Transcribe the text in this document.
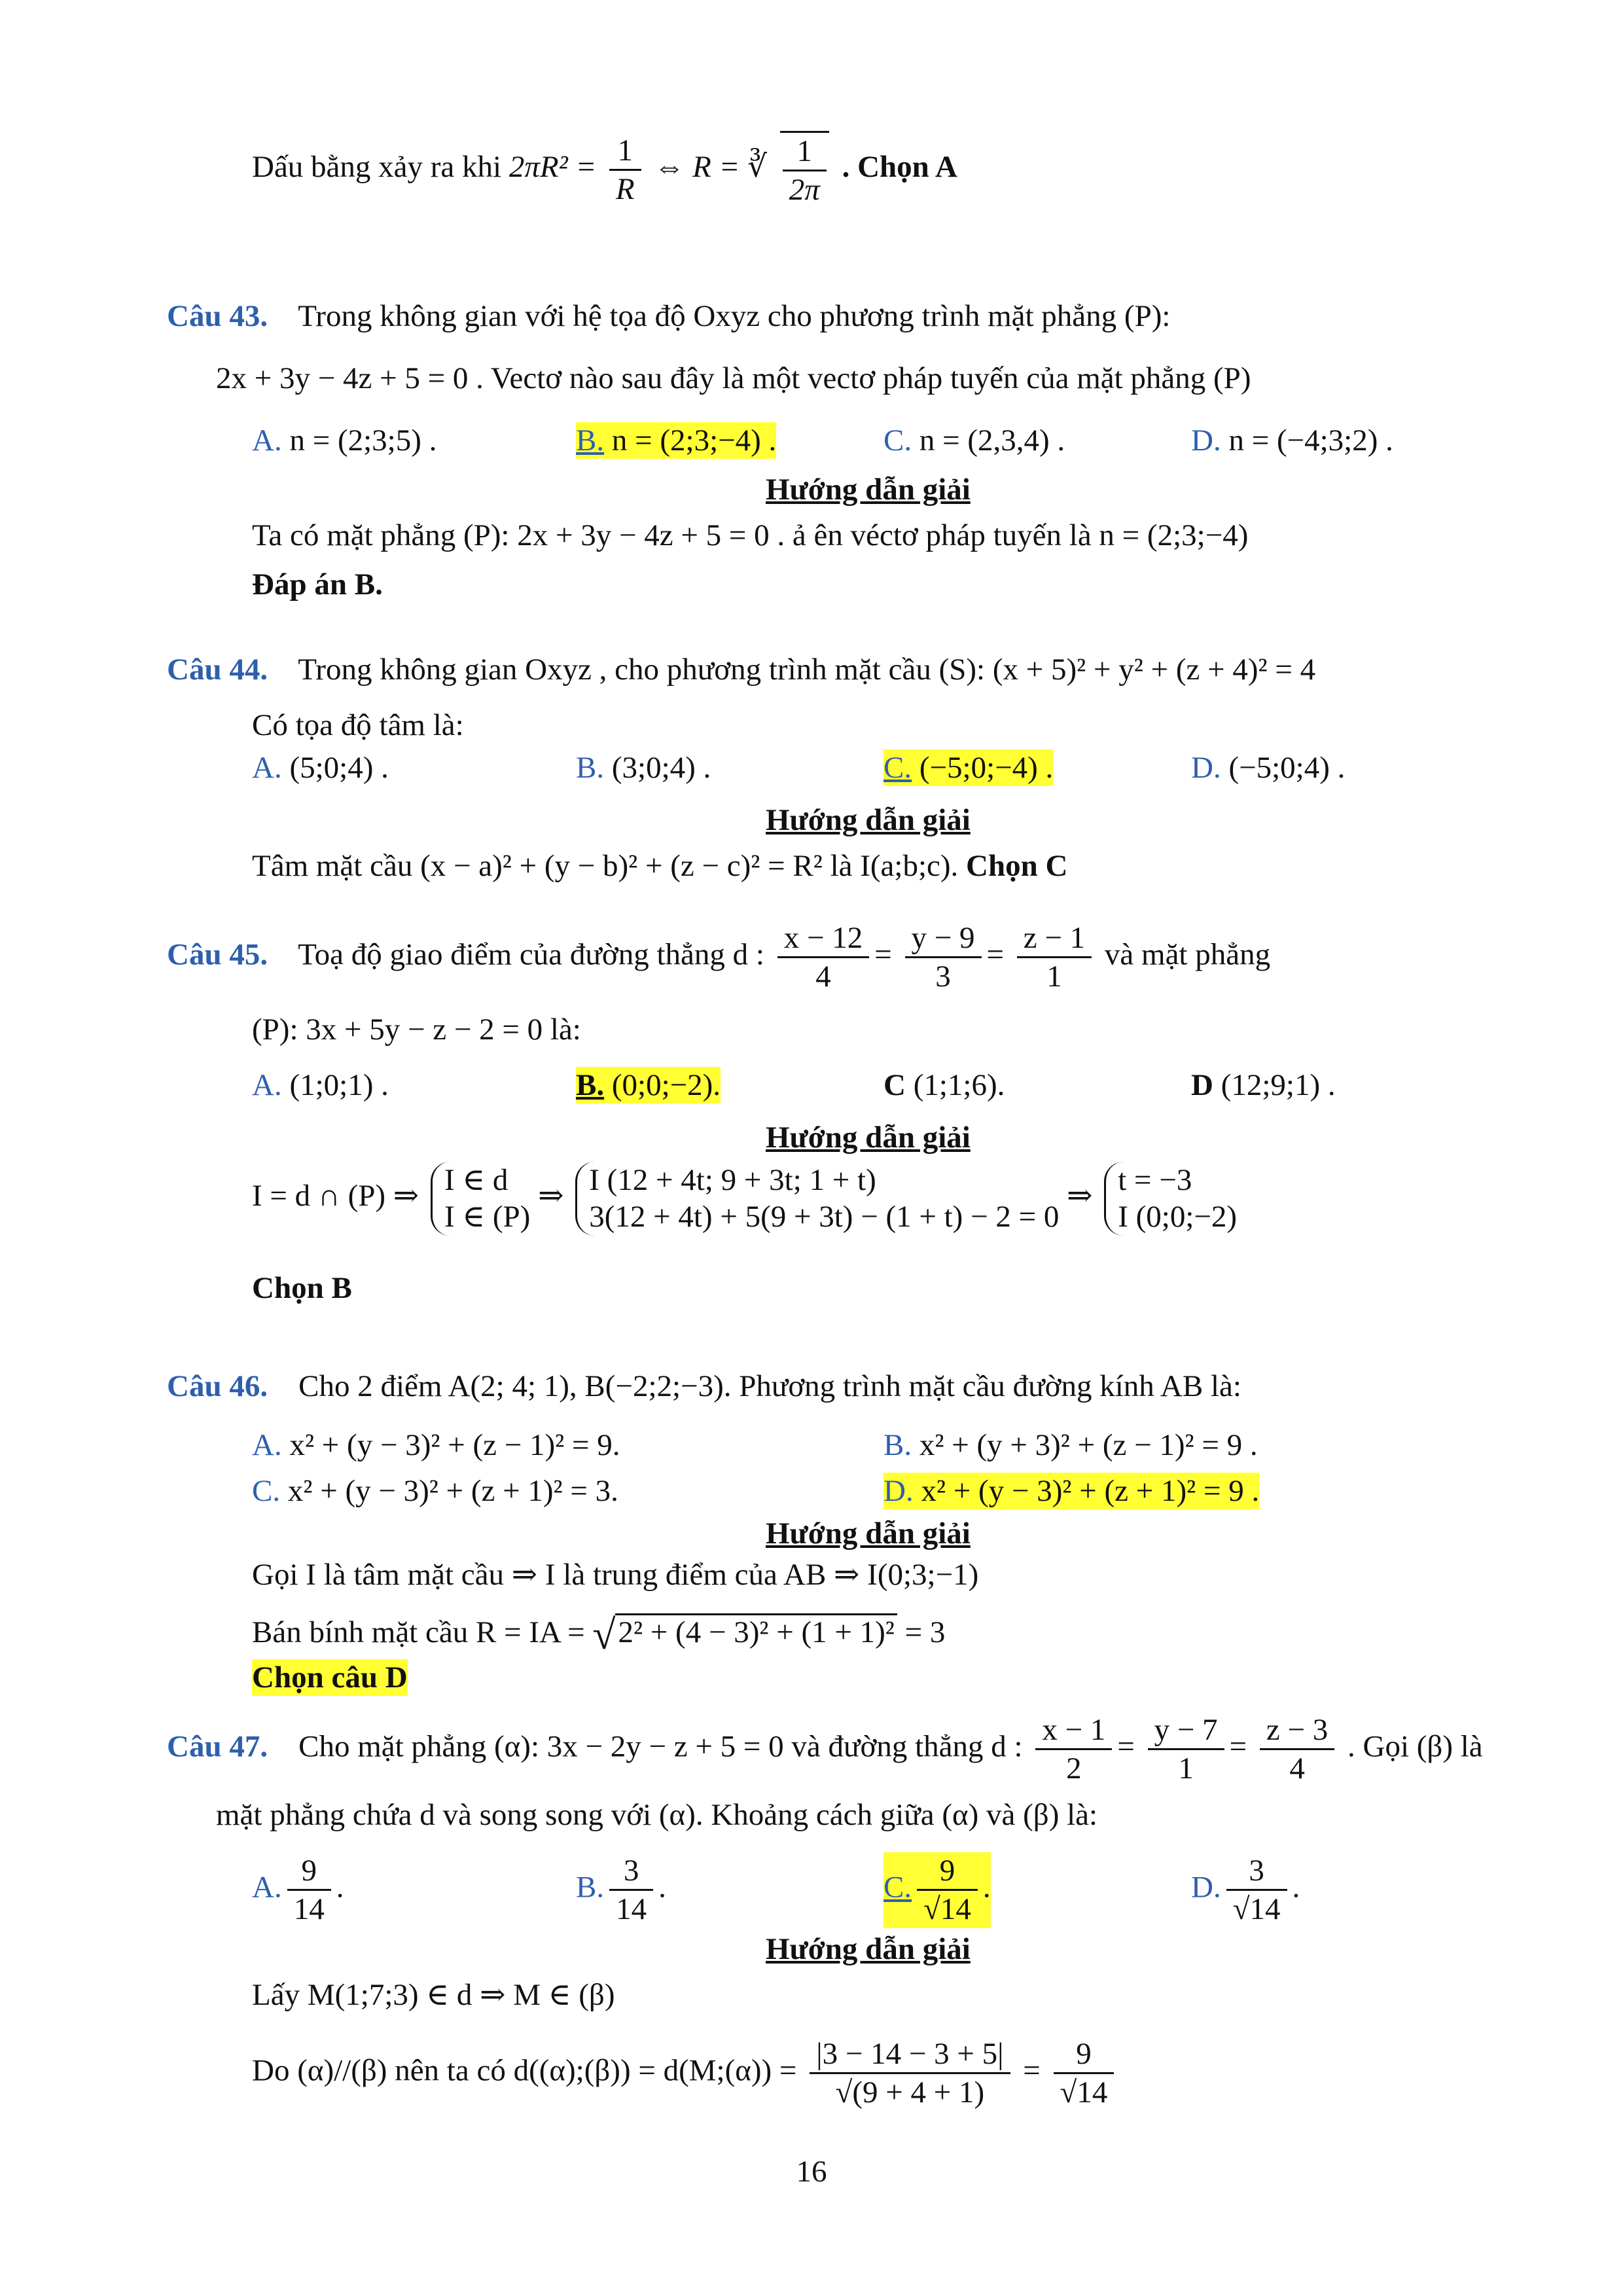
Dấu bằng xảy ra khi $2\pi R^2 = \frac{1}{R}$ ⇔ R = ∛ $\frac{1}{2\pi}$ . Chọn A
Câu 43. Trong không gian với hệ tọa độ Oxyz cho phương trình mặt phẳng (P):
2x + 3y − 4z + 5 = 0 . Vectơ nào sau đây là một vectơ pháp tuyến của mặt phẳng (P)
A. n = (2;3;5) .	B. n = (2;3;−4) .	C. n = (2,3,4) .	D. n = (−4;3;2) .
Hướng dẫn giải
Ta có mặt phẳng (P): 2x + 3y − 4z + 5 = 0 . ả ên véctơ pháp tuyến là n = (2;3;−4)
Đáp án B.
Câu 44. Trong không gian Oxyz , cho phương trình mặt cầu (S): (x + 5)² + y² + (z + 4)² = 4
Có tọa độ tâm là:
A. (5;0;4) .	B. (3;0;4) .	C. (−5;0;−4) .	D. (−5;0;4) .
Hướng dẫn giải
Tâm mặt cầu (x − a)² + (y − b)² + (z − c)² = R² là I(a;b;c). Chọn C
Câu 45. Toạ độ giao điểm của đường thẳng d : $\frac{x - 12}{4} = \frac{y - 9}{3} = \frac{z - 1}{1}$ và mặt phẳng
(P): 3x + 5y − z − 2 = 0 là:
A. (1;0;1) .	B. (0;0;−2).	C (1;1;6).	D (12;9;1) .
Hướng dẫn giải
I = d ∩ (P) ⇒ I ∈ d
I ∈ (P)
⇒ I (12 + 4t; 9 + 3t; 1 + t)
3(12 + 4t) + 5(9 + 3t) − (1 + t) − 2 = 0
⇒ t = −3
I (0;0;−2)
Chọn B
Câu 46. Cho 2 điểm A(2; 4; 1), B(−2;2;−3). Phương trình mặt cầu đường kính AB là:
A. x² + (y − 3)² + (z − 1)² = 9.	B. x² + (y + 3)² + (z − 1)² = 9 .
C. x² + (y − 3)² + (z + 1)² = 3.	D. x² + (y − 3)² + (z + 1)² = 9 .
Hướng dẫn giải
Gọi I là tâm mặt cầu ⇒ I là trung điểm của AB ⇒ I(0;3;−1)
Bán bính mặt cầu R = IA = √2² + (4 − 3)² + (1 + 1)² = 3
Chọn câu D
Câu 47. Cho mặt phẳng (α): 3x − 2y − z + 5 = 0 và đường thẳng d : $\frac{x - 1}{2} = \frac{y - 7}{1} = \frac{z - 3}{4}$ . Gọi (β) là
mặt phẳng chứa d và song song với (α). Khoảng cách giữa (α) và (β) là:
A. $\frac{9}{14}$ .	B. $\frac{3}{14}$ .	C. $\frac{9}{√14}$ .	D. $\frac{3}{√14}$ .
Hướng dẫn giải
Lấy M(1;7;3) ∈ d ⇒ M ∈ (β)
Do (α)//(β) nên ta có d((α);(β)) = d(M;(α)) = $\frac{|3 - 14 - 3 + 5|}{√(9 + 4 + 1)} = \frac{9}{√14}$
16
